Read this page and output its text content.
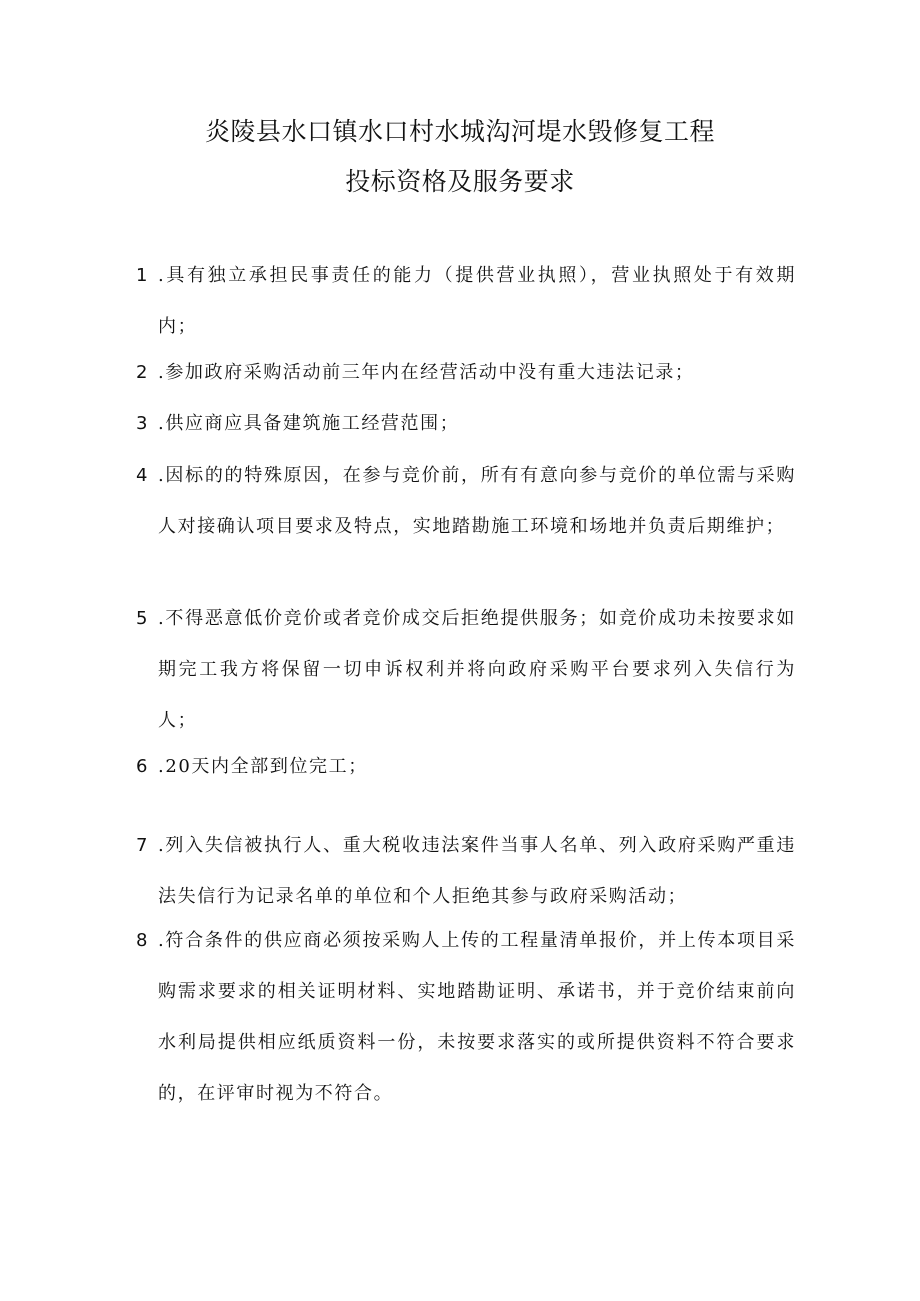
炎陵县水口镇水口村水城沟河堤水毁修复工程
投标资格及服务要求
1 .具有独立承担民事责任的能力（提供营业执照），营业执照处于有效期内；
2 .参加政府采购活动前三年内在经营活动中没有重大违法记录；
3 .供应商应具备建筑施工经营范围；
4 .因标的的特殊原因，在参与竞价前，所有有意向参与竞价的单位需与采购人对接确认项目要求及特点，实地踏勘施工环境和场地并负责后期维护；
5 .不得恶意低价竞价或者竞价成交后拒绝提供服务；如竞价成功未按要求如期完工我方将保留一切申诉权利并将向政府采购平台要求列入失信行为人；
6 .20天内全部到位完工；
7 .列入失信被执行人、重大税收违法案件当事人名单、列入政府采购严重违法失信行为记录名单的单位和个人拒绝其参与政府采购活动；
8 .符合条件的供应商必须按采购人上传的工程量清单报价，并上传本项目采购需求要求的相关证明材料、实地踏勘证明、承诺书，并于竞价结束前向水利局提供相应纸质资料一份，未按要求落实的或所提供资料不符合要求的，在评审时视为不符合。
